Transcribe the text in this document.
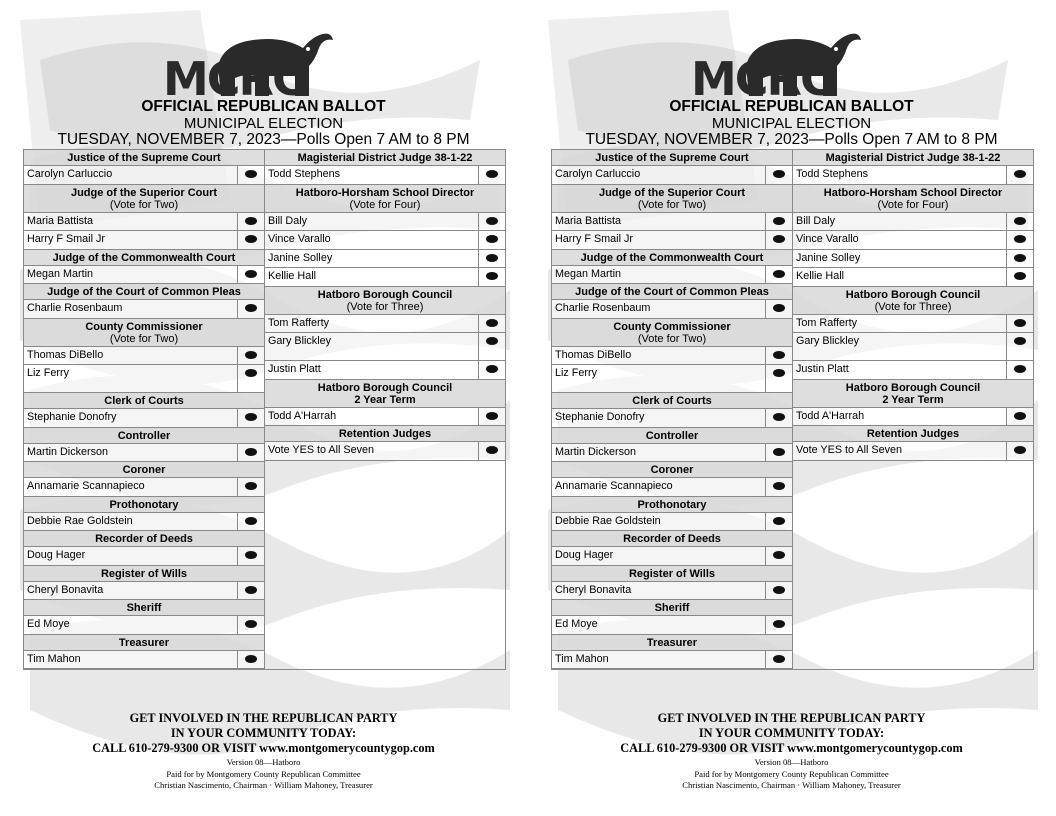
MCRC
OFFICIAL REPUBLICAN BALLOT
MUNICIPAL ELECTION
TUESDAY, NOVEMBER 7, 2023—Polls Open 7 AM to 8 PM
Justice of the Supreme Court
Carolyn Carluccio
Judge of the Superior Court
(Vote for Two)
Maria Battista
Harry F Smail Jr
Judge of the Commonwealth Court
Megan Martin
Judge of the Court of Common Pleas
Charlie Rosenbaum
County Commissioner
(Vote for Two)
Thomas DiBello
Liz Ferry
Clerk of Courts
Stephanie Donofry
Controller
Martin Dickerson
Coroner
Annamarie Scannapieco
Prothonotary
Debbie Rae Goldstein
Recorder of Deeds
Doug Hager
Register of Wills
Cheryl Bonavita
Sheriff
Ed Moye
Treasurer
Tim Mahon

Magisterial District Judge 38-1-22
Todd Stephens
Hatboro-Horsham School Director
(Vote for Four)
Bill Daly
Vince Varallo
Janine Solley
Kellie Hall
Hatboro Borough Council
(Vote for Three)
Tom Rafferty
Gary Blickley
Justin Platt
Hatboro Borough Council
2 Year Term
Todd A'Harrah
Retention Judges
Vote YES to All Seven
GET INVOLVED IN THE REPUBLICAN PARTY
IN YOUR COMMUNITY TODAY:
CALL 610-279-9300 OR VISIT www.montgomerycountygop.com
Version 08—Hatboro
Paid for by Montgomery County Republican Committee
Christian Nascimento, Chairman · William Mahoney, Treasurer
MCRC
OFFICIAL REPUBLICAN BALLOT
MUNICIPAL ELECTION
TUESDAY, NOVEMBER 7, 2023—Polls Open 7 AM to 8 PM
Justice of the Supreme Court
Carolyn Carluccio
Judge of the Superior Court
(Vote for Two)
Maria Battista
Harry F Smail Jr
Judge of the Commonwealth Court
Megan Martin
Judge of the Court of Common Pleas
Charlie Rosenbaum
County Commissioner
(Vote for Two)
Thomas DiBello
Liz Ferry
Clerk of Courts
Stephanie Donofry
Controller
Martin Dickerson
Coroner
Annamarie Scannapieco
Prothonotary
Debbie Rae Goldstein
Recorder of Deeds
Doug Hager
Register of Wills
Cheryl Bonavita
Sheriff
Ed Moye
Treasurer
Tim Mahon

Magisterial District Judge 38-1-22
Todd Stephens
Hatboro-Horsham School Director
(Vote for Four)
Bill Daly
Vince Varallo
Janine Solley
Kellie Hall
Hatboro Borough Council
(Vote for Three)
Tom Rafferty
Gary Blickley
Justin Platt
Hatboro Borough Council
2 Year Term
Todd A'Harrah
Retention Judges
Vote YES to All Seven
GET INVOLVED IN THE REPUBLICAN PARTY
IN YOUR COMMUNITY TODAY:
CALL 610-279-9300 OR VISIT www.montgomerycountygop.com
Version 08—Hatboro
Paid for by Montgomery County Republican Committee
Christian Nascimento, Chairman · William Mahoney, Treasurer
